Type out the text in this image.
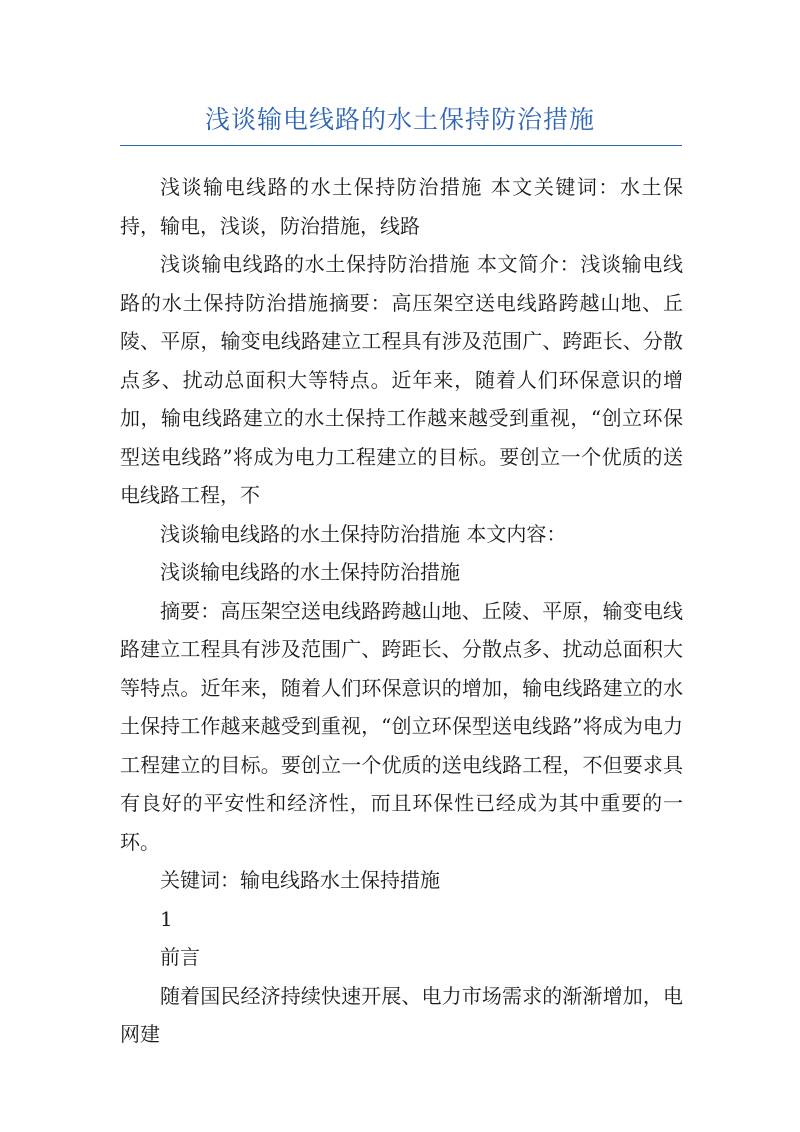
浅谈输电线路的水土保持防治措施

浅谈输电线路的水土保持防治措施 本文关键词：水土保持，输电，浅谈，防治措施，线路

浅谈输电线路的水土保持防治措施 本文简介：浅谈输电线路的水土保持防治措施摘要：高压架空送电线路跨越山地、丘陵、平原，输变电线路建立工程具有涉及范围广、跨距长、分散点多、扰动总面积大等特点。近年来，随着人们环保意识的增加，输电线路建立的水土保持工作越来越受到重视，“创立环保型送电线路”将成为电力工程建立的目标。要创立一个优质的送电线路工程，不

浅谈输电线路的水土保持防治措施 本文内容：

浅谈输电线路的水土保持防治措施

摘要：高压架空送电线路跨越山地、丘陵、平原，输变电线路建立工程具有涉及范围广、跨距长、分散点多、扰动总面积大等特点。近年来，随着人们环保意识的增加，输电线路建立的水土保持工作越来越受到重视，“创立环保型送电线路”将成为电力工程建立的目标。要创立一个优质的送电线路工程，不但要求具有良好的平安性和经济性，而且环保性已经成为其中重要的一环。

关键词：输电线路水土保持措施

1

前言

随着国民经济持续快速开展、电力市场需求的渐渐增加，电网建
